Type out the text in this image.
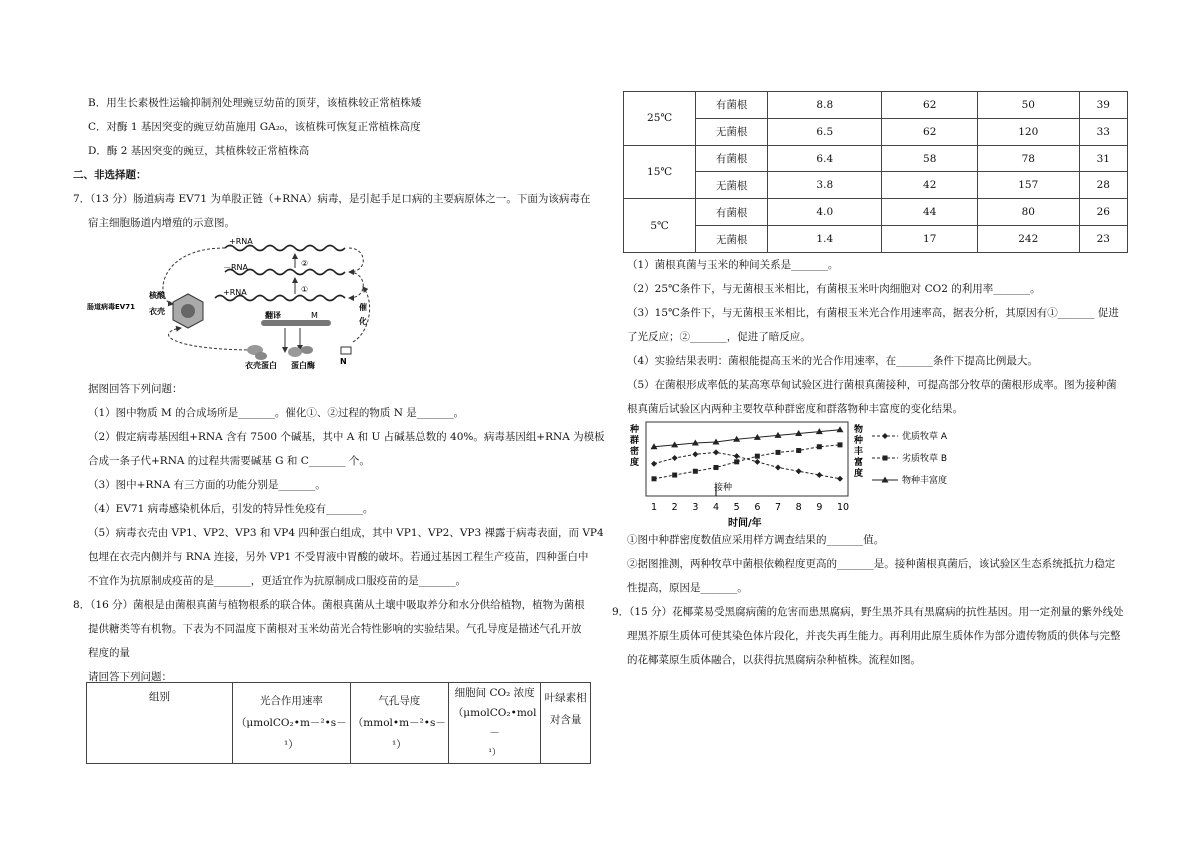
B．用生长素极性运输抑制剂处理豌豆幼苗的顶芽，该植株较正常植株矮
C．对酶 1 基因突变的豌豆幼苗施用 GA₂₀，该植株可恢复正常植株高度
D．酶 2 基因突变的豌豆，其植株较正常植株高
二、非选择题：
7．（13 分）肠道病毒 EV71 为单股正链（+RNA）病毒，是引起手足口病的主要病原体之一。下面为该病毒在
宿主细胞肠道内增殖的示意图。
+RNA
－RNA
+RNA
②
①
翻译	M
催
化
N
衣壳蛋白 蛋白酶
核酸
衣壳
肠道病毒EV71
据图回答下列问题：
（1）图中物质 M 的合成场所是_______。催化①、②过程的物质 N 是_______。
（2）假定病毒基因组+RNA 含有 7500 个碱基，其中 A 和 U 占碱基总数的 40%。病毒基因组+RNA 为模板
合成一条子代+RNA 的过程共需要碱基 G 和 C_______ 个。
（3）图中+RNA 有三方面的功能分别是_______。
（4）EV71 病毒感染机体后，引发的特异性免疫有_______。
（5）病毒衣壳由 VP1、VP2、VP3 和 VP4 四种蛋白组成，其中 VP1、VP2、VP3 裸露于病毒表面，而 VP4
包埋在衣壳内侧并与 RNA 连接，另外 VP1 不受胃液中胃酸的破坏。若通过基因工程生产疫苗，四种蛋白中
不宜作为抗原制成疫苗的是_______，更适宜作为抗原制成口服疫苗的是_______。
8．（16 分）菌根是由菌根真菌与植物根系的联合体。菌根真菌从土壤中吸取养分和水分供给植物，植物为菌根
提供糖类等有机物。下表为不同温度下菌根对玉米幼苗光合特性影响的实验结果。气孔导度是描述气孔开放
程度的量
请回答下列问题：
组别	光合作用速率
（μmolCO₂•m－²•s－¹）

气孔导度
（mmol•m－²•s－¹）

细胞间 CO₂ 浓度
（μmolCO₂•mol－
¹）

叶绿素相
对含量
25℃	有菌根	8.8	62	50	39
	无菌根	6.5	62	120	33
15℃	有菌根	6.4	58	78	31
	无菌根	3.8	42	157	28
5℃	有菌根	4.0	44	80	26
	无菌根	1.4	17	242	23
（1）菌根真菌与玉米的种间关系是_______。
（2）25℃条件下，与无菌根玉米相比，有菌根玉米叶肉细胞对 CO2 的利用率_______。
（3）15℃条件下，与无菌根玉米相比，有菌根玉米光合作用速率高，据表分析，其原因有①_______ 促进
了光反应；②_______，促进了暗反应。
（4）实验结果表明：菌根能提高玉米的光合作用速率，在_______条件下提高比例最大。
（5）在菌根形成率低的某高寒草甸试验区进行菌根真菌接种，可提高部分牧草的菌根形成率。图为接种菌
根真菌后试验区内两种主要牧草种群密度和群落物种丰富度的变化结果。
种
群
密
度
物
种
丰
富
度
1 2 3 4 5 6 7 8 9 10
接种
时间/年
优质牧草 A
劣质牧草 B
物种丰富度
①图中种群密度数值应采用样方调查结果的_______值。
②据图推测，两种牧草中菌根依赖程度更高的_______是。接种菌根真菌后，该试验区生态系统抵抗力稳定
性提高，原因是_______。
9．（15 分）花椰菜易受黑腐病菌的危害而患黑腐病，野生黑芥具有黑腐病的抗性基因。用一定剂量的紫外线处
理黑芥原生质体可使其染色体片段化，并丧失再生能力。再利用此原生质体作为部分遗传物质的供体与完整
的花椰菜原生质体融合，以获得抗黑腐病杂种植株。流程如图。
